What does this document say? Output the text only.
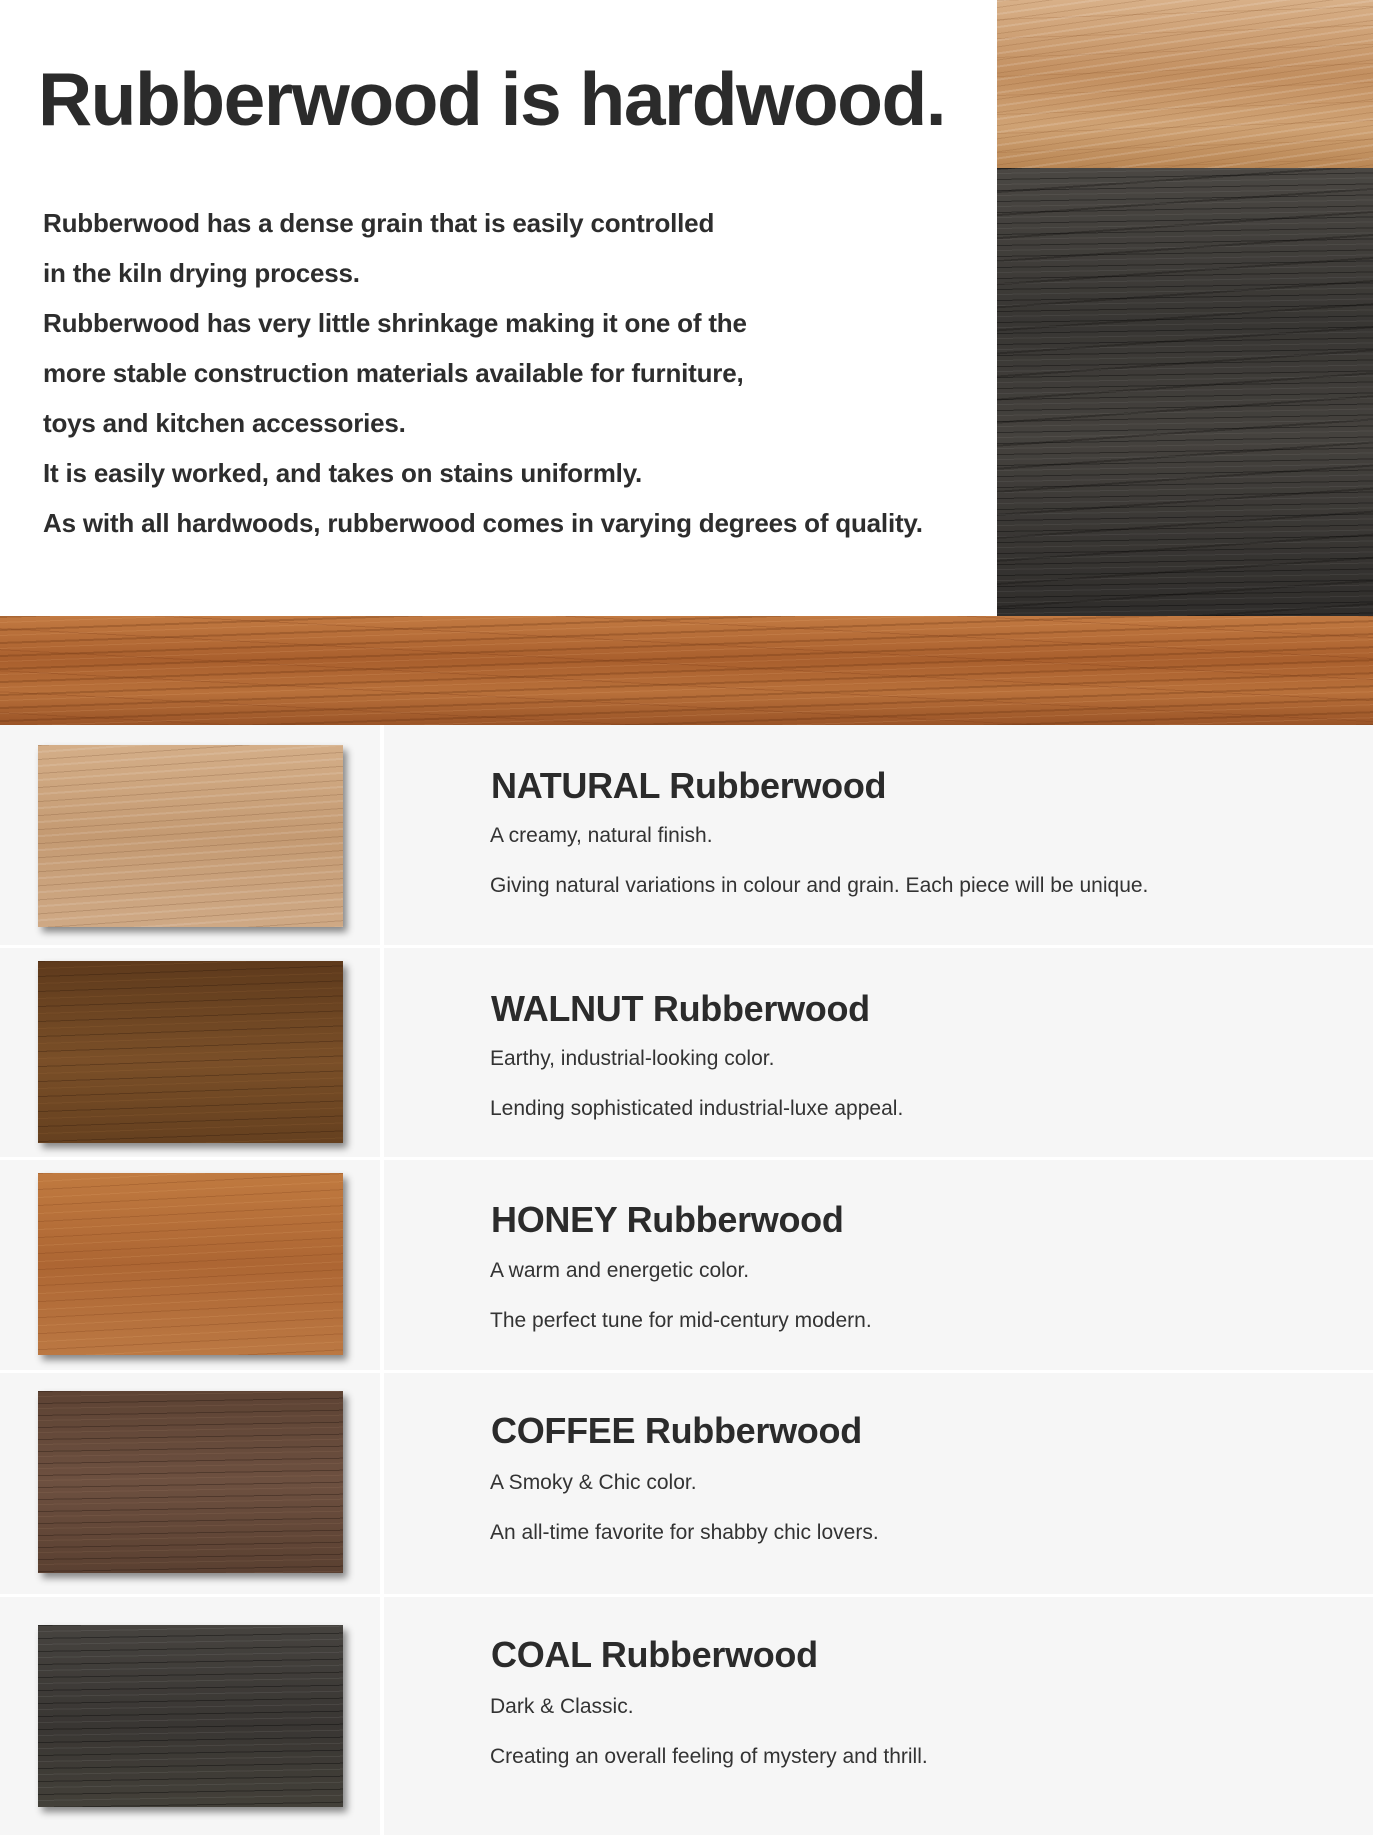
Rubberwood is hardwood.
Rubberwood has a dense grain that is easily controlled
in the kiln drying process.
Rubberwood has very little shrinkage making it one of the
more stable construction materials available for furniture,
toys and kitchen accessories.
It is easily worked, and takes on stains uniformly.
As with all hardwoods, rubberwood comes in varying degrees of quality.
NATURAL Rubberwood

A creamy, natural finish.

Giving natural variations in colour and grain. Each piece will be unique.

WALNUT Rubberwood

Earthy, industrial-looking color.

Lending sophisticated industrial-luxe appeal.

HONEY Rubberwood

A warm and energetic color.

The perfect tune for mid-century modern.

COFFEE Rubberwood

A Smoky & Chic color.

An all-time favorite for shabby chic lovers.

COAL Rubberwood

Dark & Classic.

Creating an overall feeling of mystery and thrill.
